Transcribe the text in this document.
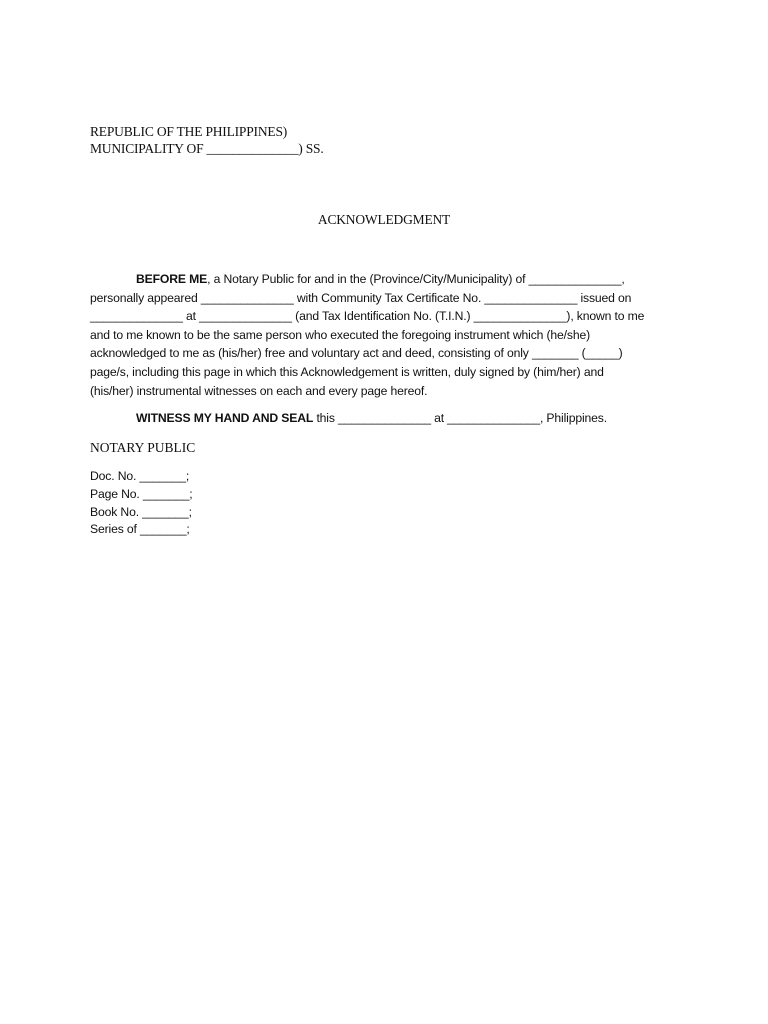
REPUBLIC OF THE PHILIPPINES)
MUNICIPALITY OF ______________) SS.
ACKNOWLEDGMENT
BEFORE ME, a Notary Public for and in the (Province/City/Municipality) of ______________,
personally appeared ______________ with Community Tax Certificate No. ______________ issued on
______________ at ______________ (and Tax Identification No. (T.I.N.) ______________), known to me
and to me known to be the same person who executed the foregoing instrument which (he/she)
acknowledged to me as (his/her) free and voluntary act and deed, consisting of only _______ (_____)
page/s, including this page in which this Acknowledgement is written, duly signed by (him/her) and
(his/her) instrumental witnesses on each and every page hereof.
WITNESS MY HAND AND SEAL this ______________ at ______________, Philippines.
NOTARY PUBLIC
Doc. No. _______;
Page No. _______;
Book No. _______;
Series of _______;
